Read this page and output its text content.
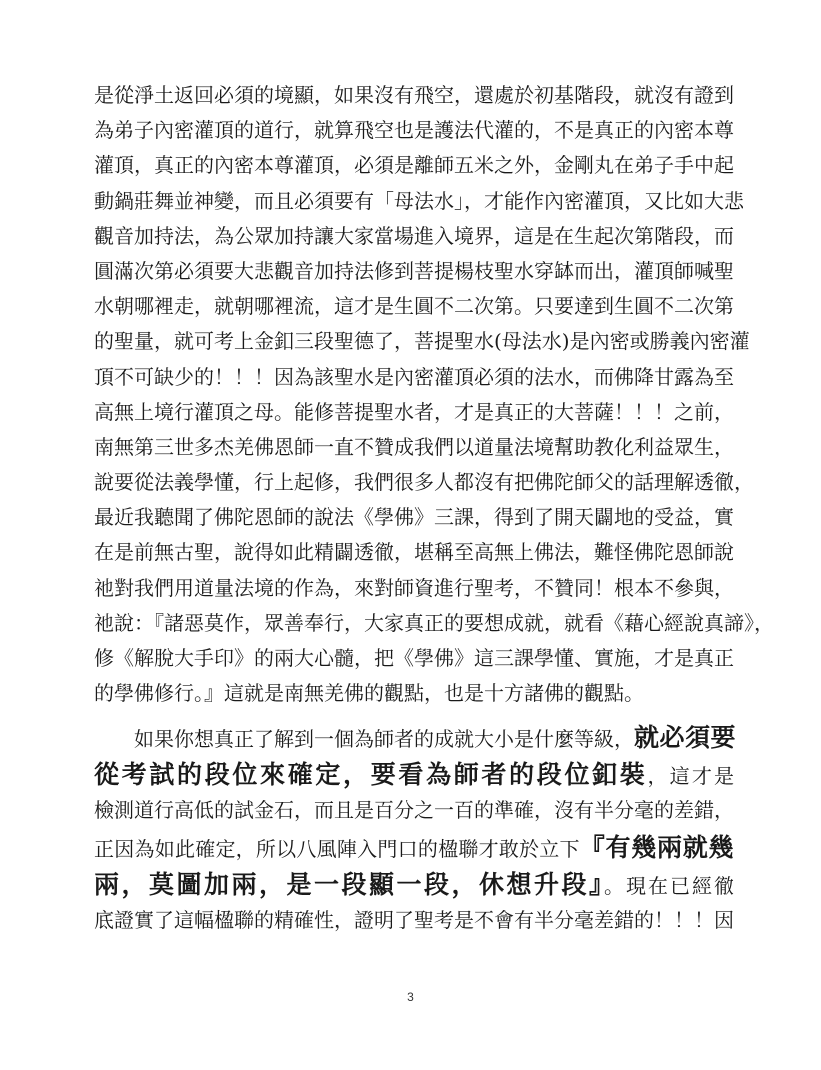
是從淨土返回必須的境顯，如果沒有飛空，還處於初基階段，就沒有證到
為弟子內密灌頂的道行，就算飛空也是護法代灌的，不是真正的內密本尊
灌頂，真正的內密本尊灌頂，必須是離師五米之外，金剛丸在弟子手中起
動鍋莊舞並神變，而且必須要有「母法水」，才能作內密灌頂，又比如大悲
觀音加持法，為公眾加持讓大家當場進入境界，這是在生起次第階段，而
圓滿次第必須要大悲觀音加持法修到菩提楊枝聖水穿缽而出，灌頂師喊聖
水朝哪裡走，就朝哪裡流，這才是生圓不二次第。只要達到生圓不二次第
的聖量，就可考上金釦三段聖德了，菩提聖水(母法水)是內密或勝義內密灌
頂不可缺少的！！！因為該聖水是內密灌頂必須的法水，而佛降甘露為至
高無上境行灌頂之母。能修菩提聖水者，才是真正的大菩薩！！！之前，
南無第三世多杰羌佛恩師一直不贊成我們以道量法境幫助教化利益眾生，
說要從法義學懂，行上起修，我們很多人都沒有把佛陀師父的話理解透徹，
最近我聽聞了佛陀恩師的說法《學佛》三課，得到了開天闢地的受益，實
在是前無古聖，說得如此精闢透徹，堪稱至高無上佛法，難怪佛陀恩師說
祂對我們用道量法境的作為，來對師資進行聖考，不贊同！根本不參與，
祂說：『諸惡莫作，眾善奉行，大家真正的要想成就，就看《藉心經說真諦》，
修《解脫大手印》的兩大心髓，把《學佛》這三課學懂、實施，才是真正
的學佛修行。』這就是南無羌佛的觀點，也是十方諸佛的觀點。
如果你想真正了解到一個為師者的成就大小是什麼等級，就必須要
從考試的段位來確定，要看為師者的段位釦裝，這才是
檢測道行高低的試金石，而且是百分之一百的準確，沒有半分毫的差錯，
正因為如此確定，所以八風陣入門口的楹聯才敢於立下『有幾兩就幾
兩，莫圖加兩，是一段顯一段，休想升段』。現在已經徹
底證實了這幅楹聯的精確性，證明了聖考是不會有半分毫差錯的！！！因
3
